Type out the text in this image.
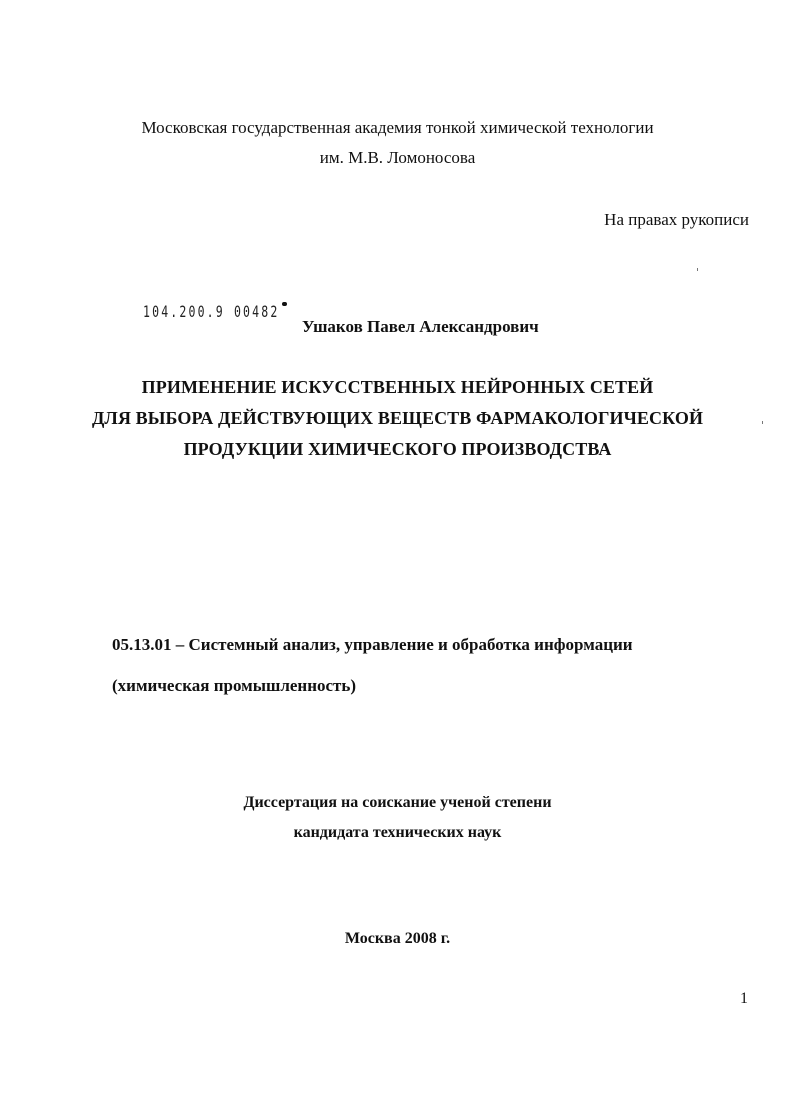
Московская государственная академия тонкой химической технологии
им. М.В. Ломоносова
На правах рукописи
104.200.9 00482
Ушаков Павел Александрович
ПРИМЕНЕНИЕ ИСКУССТВЕННЫХ НЕЙРОННЫХ СЕТЕЙ
ДЛЯ ВЫБОРА ДЕЙСТВУЮЩИХ ВЕЩЕСТВ ФАРМАКОЛОГИЧЕСКОЙ
ПРОДУКЦИИ ХИМИЧЕСКОГО ПРОИЗВОДСТВА
05.13.01 – Системный анализ, управление и обработка информации
(химическая промышленность)
Диссертация на соискание ученой степени
кандидата технических наук
Москва 2008 г.
1
